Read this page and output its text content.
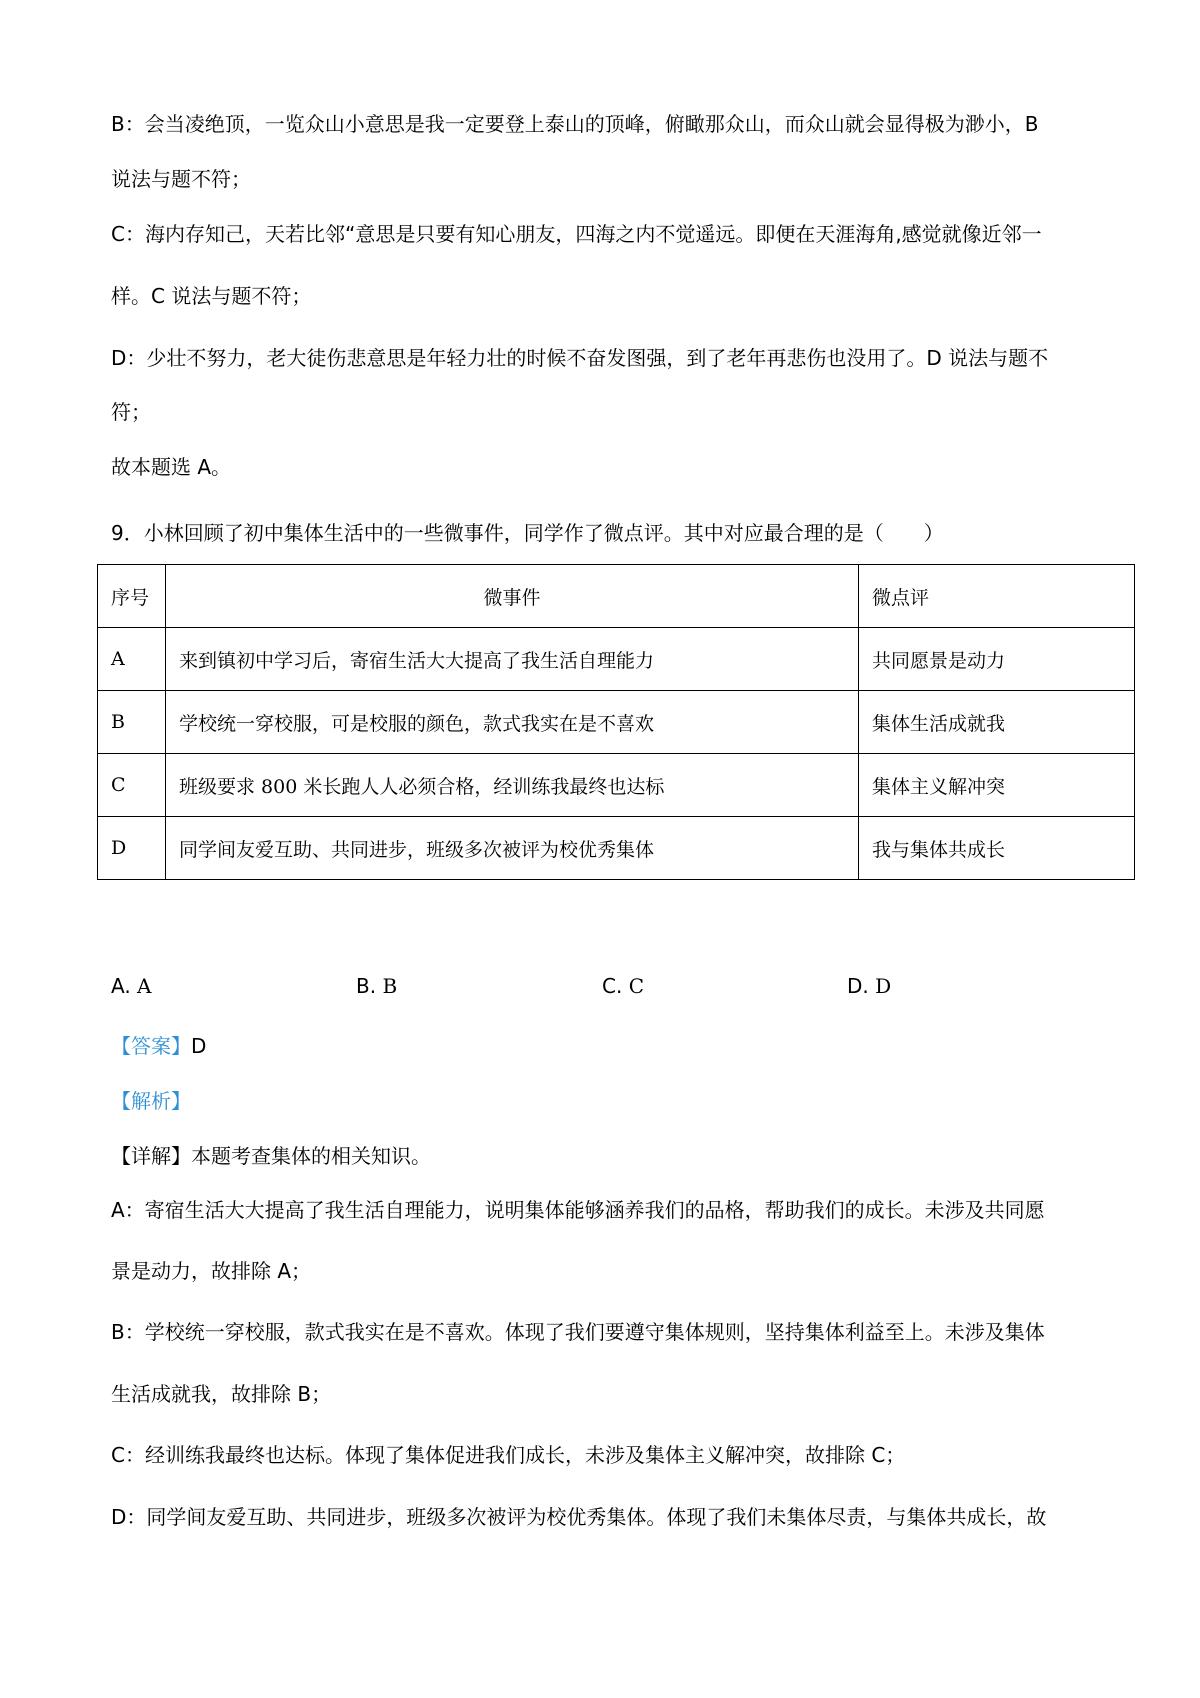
B：会当凌绝顶，一览众山小意思是我一定要登上泰山的顶峰，俯瞰那众山，而众山就会显得极为渺小，B

说法与题不符；

C：海内存知己，天若比邻“意思是只要有知心朋友，四海之内不觉遥远。即便在天涯海角,感觉就像近邻一

样。C 说法与题不符；

D：少壮不努力，老大徒伤悲意思是年轻力壮的时候不奋发图强，到了老年再悲伤也没用了。D 说法与题不

符；

故本题选 A。

9．小林回顾了初中集体生活中的一些微事件，同学作了微点评。其中对应最合理的是（　　）

序号	微事件	微点评
A	来到镇初中学习后，寄宿生活大大提高了我生活自理能力	共同愿景是动力
B	学校统一穿校服，可是校服的颜色，款式我实在是不喜欢	集体生活成就我
C	班级要求 800 米长跑人人必须合格，经训练我最终也达标	集体主义解冲突
D	同学间友爱互助、共同进步，班级多次被评为校优秀集体	我与集体共成长
A. A	B. B	C. C	D. D

【答案】D

【解析】

【详解】本题考查集体的相关知识。

A：寄宿生活大大提高了我生活自理能力，说明集体能够涵养我们的品格，帮助我们的成长。未涉及共同愿

景是动力，故排除 A；

B：学校统一穿校服，款式我实在是不喜欢。体现了我们要遵守集体规则，坚持集体利益至上。未涉及集体

生活成就我，故排除 B；

C：经训练我最终也达标。体现了集体促进我们成长，未涉及集体主义解冲突，故排除 C；

D：同学间友爱互助、共同进步，班级多次被评为校优秀集体。体现了我们未集体尽责，与集体共成长，故
